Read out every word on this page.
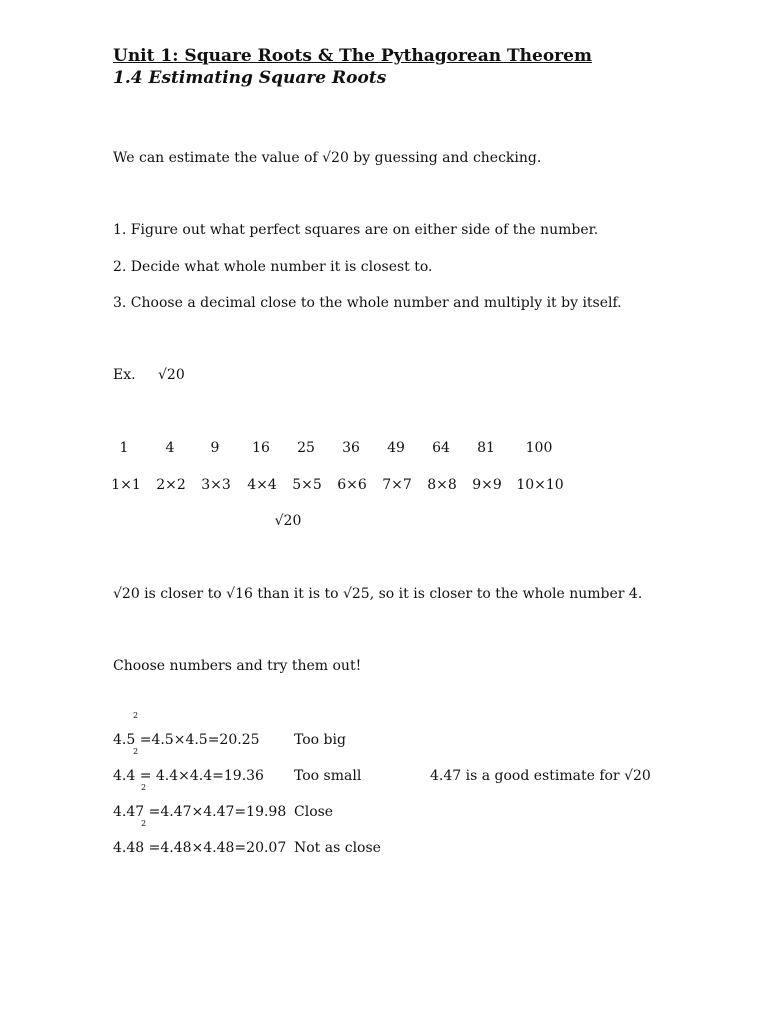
Unit 1: Square Roots & The Pythagorean Theorem
1.4 Estimating Square Roots
We can estimate the value of √20 by guessing and checking.
1. Figure out what perfect squares are on either side of the number.
2. Decide what whole number it is closest to.
3. Choose a decimal close to the whole number and multiply it by itself.
Ex. √20
1	4	9	16	25	36	49	64	81	100
1×1	2×2	3×3	4×4	5×5	6×6	7×7	8×8	9×9	10×10
√20
√20 is closer to √16 than it is to √25, so it is closer to the whole number 4.
Choose numbers and try them out!
2
4.5 =4.5×4.5=20.25 Too big
2
4.4 = 4.4×4.4=19.36 Too small	4.47 is a good estimate for √20
2
4.47 =4.47×4.47=19.98 Close
2
4.48 =4.48×4.48=20.07 Not as close
